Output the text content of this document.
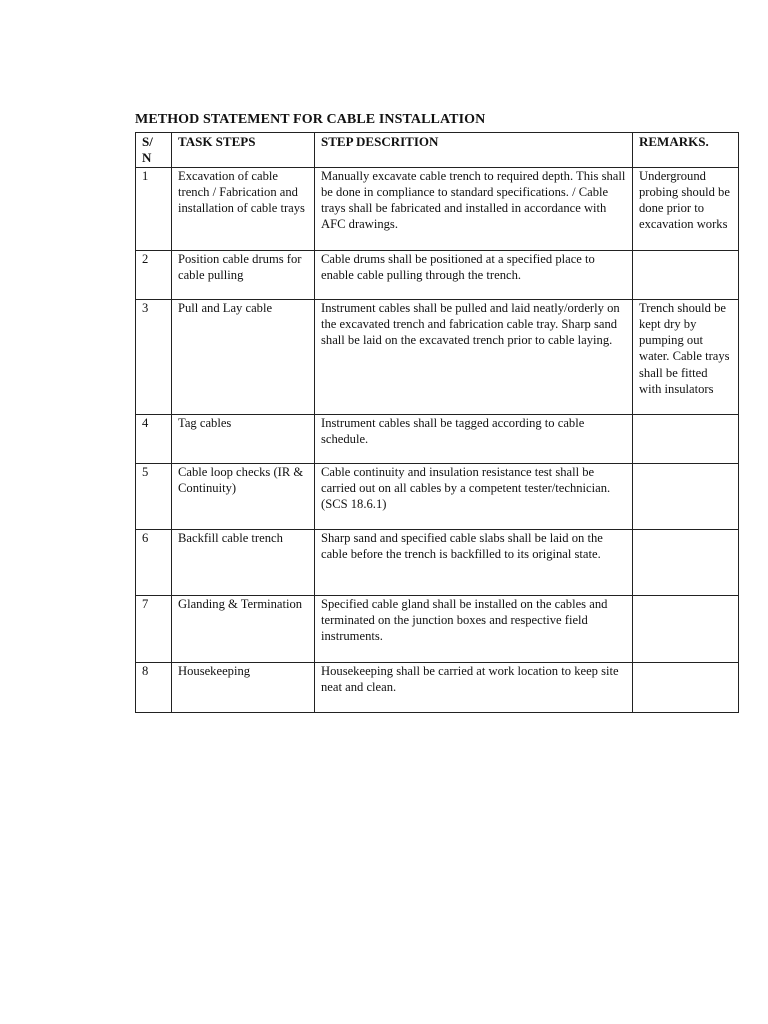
METHOD STATEMENT FOR CABLE INSTALLATION
S/ N	TASK STEPS	STEP DESCRITION	REMARKS.
1	Excavation of cable trench / Fabrication and installation of cable trays	Manually excavate cable trench to required depth. This shall be done in compliance to standard specifications. / Cable trays shall be fabricated and installed in accordance with AFC drawings.	Underground probing should be done prior to excavation works
2	Position cable drums for cable pulling	Cable drums shall be positioned at a specified place to enable cable pulling through the trench.	
3	Pull and Lay cable	Instrument cables shall be pulled and laid neatly/orderly on the excavated trench and fabrication cable tray. Sharp sand shall be laid on the excavated trench prior to cable laying.	Trench should be kept dry by pumping out water. Cable trays shall be fitted with insulators
4	Tag cables	Instrument cables shall be tagged according to cable schedule.	
5	Cable loop checks (IR & Continuity)	Cable continuity and insulation resistance test shall be carried out on all cables by a competent tester/technician. (SCS 18.6.1)	
6	Backfill cable trench	Sharp sand and specified cable slabs shall be laid on the cable before the trench is backfilled to its original state.	
7	Glanding & Termination	Specified cable gland shall be installed on the cables and terminated on the junction boxes and respective field instruments.	
8	Housekeeping	Housekeeping shall be carried at work location to keep site neat and clean.	
